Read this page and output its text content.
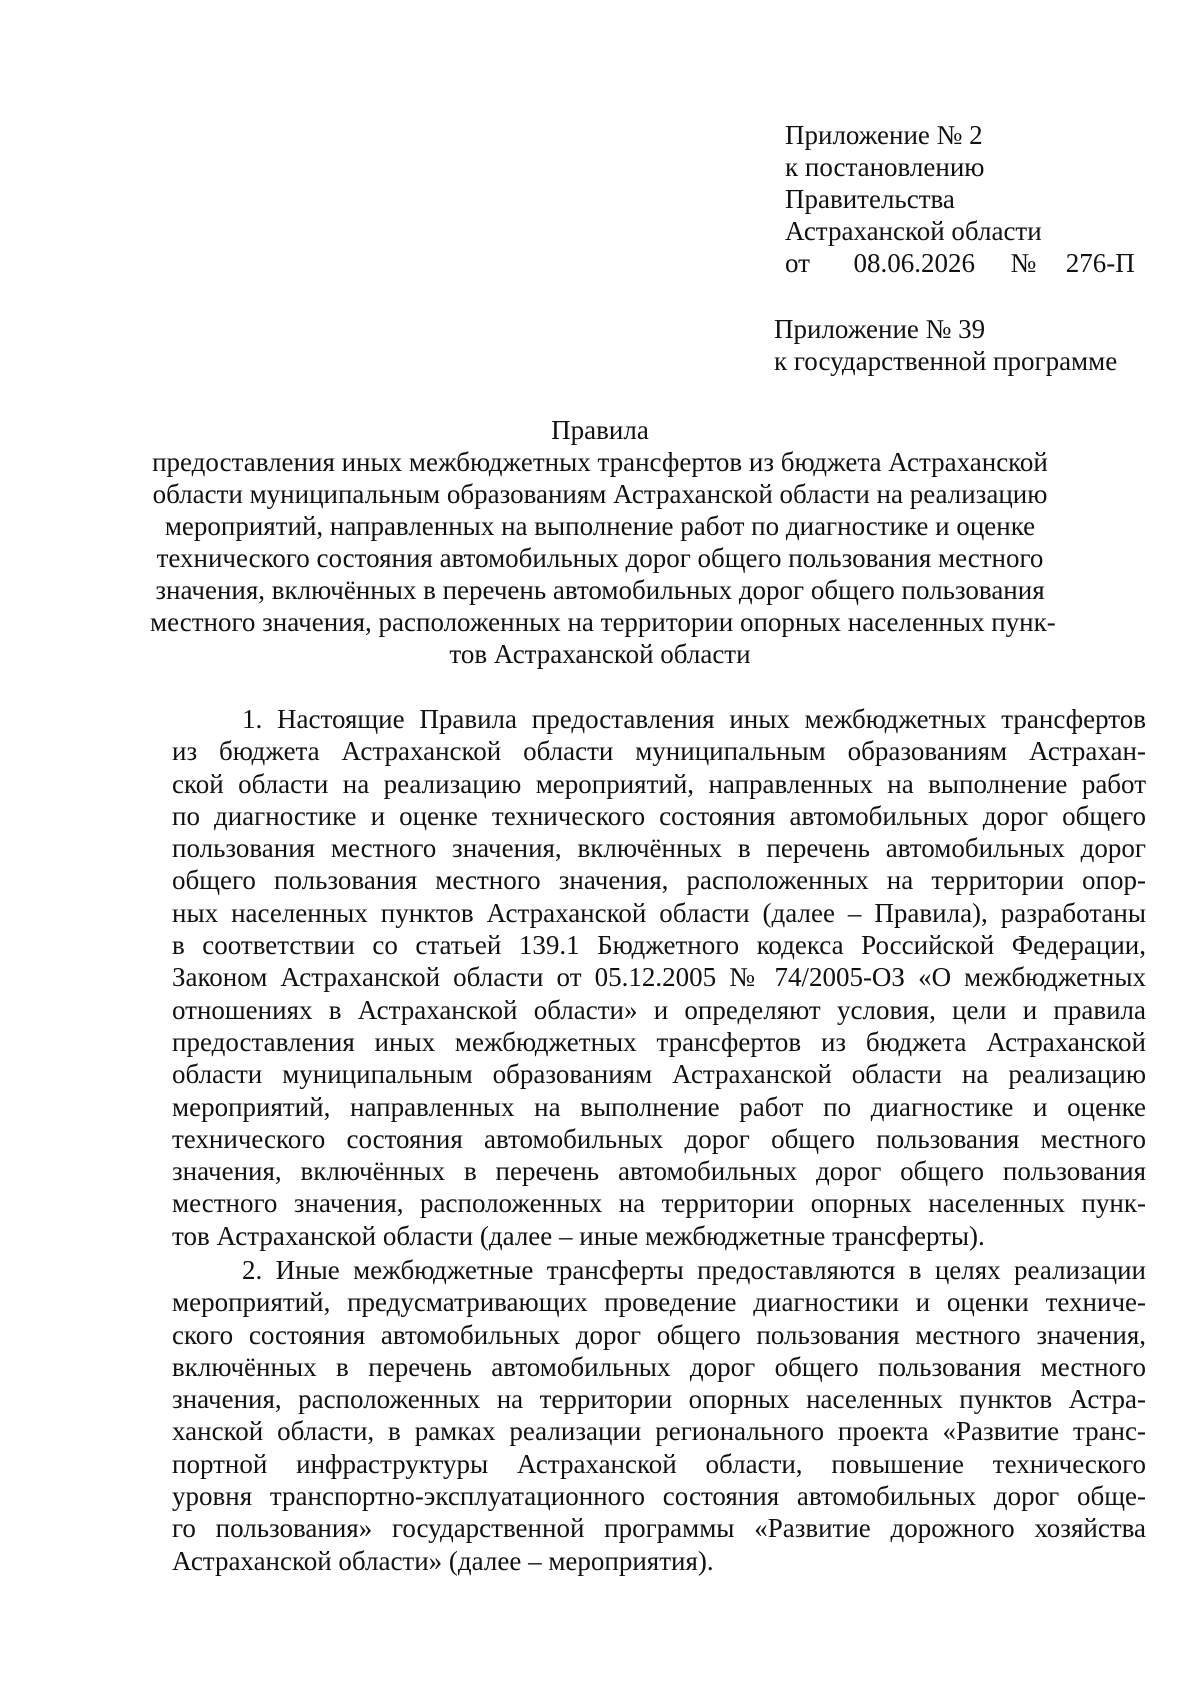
Приложение № 2
к постановлению
Правительства
Астраханской области
от 08.06.2026 № 276-П
Приложение № 39
к государственной программе
Правила
предоставления иных межбюджетных трансфертов из бюджета Астраханской
области муниципальным образованиям Астраханской области на реализацию
мероприятий, направленных на выполнение работ по диагностике и оценке
технического состояния автомобильных дорог общего пользования местного
значения, включённых в перечень автомобильных дорог общего пользования
местного значения, расположенных на территории опорных населенных пунк-
тов Астраханской области
1. Настоящие Правила предоставления иных межбюджетных трансфертов
из бюджета Астраханской области муниципальным образованиям Астрахан-
ской области на реализацию мероприятий, направленных на выполнение работ
по диагностике и оценке технического состояния автомобильных дорог общего
пользования местного значения, включённых в перечень автомобильных дорог
общего пользования местного значения, расположенных на территории опор-
ных населенных пунктов Астраханской области (далее – Правила), разработаны
в соответствии со статьей 139.1 Бюджетного кодекса Российской Федерации,
Законом Астраханской области от 05.12.2005 № 74/2005-ОЗ «О межбюджетных
отношениях в Астраханской области» и определяют условия, цели и правила
предоставления иных межбюджетных трансфертов из бюджета Астраханской
области муниципальным образованиям Астраханской области на реализацию
мероприятий, направленных на выполнение работ по диагностике и оценке
технического состояния автомобильных дорог общего пользования местного
значения, включённых в перечень автомобильных дорог общего пользования
местного значения, расположенных на территории опорных населенных пунк-
тов Астраханской области (далее – иные межбюджетные трансферты).
2. Иные межбюджетные трансферты предоставляются в целях реализации
мероприятий, предусматривающих проведение диагностики и оценки техниче-
ского состояния автомобильных дорог общего пользования местного значения,
включённых в перечень автомобильных дорог общего пользования местного
значения, расположенных на территории опорных населенных пунктов Астра-
ханской области, в рамках реализации регионального проекта «Развитие транс-
портной инфраструктуры Астраханской области, повышение технического
уровня транспортно-эксплуатационного состояния автомобильных дорог обще-
го пользования» государственной программы «Развитие дорожного хозяйства
Астраханской области» (далее – мероприятия).
